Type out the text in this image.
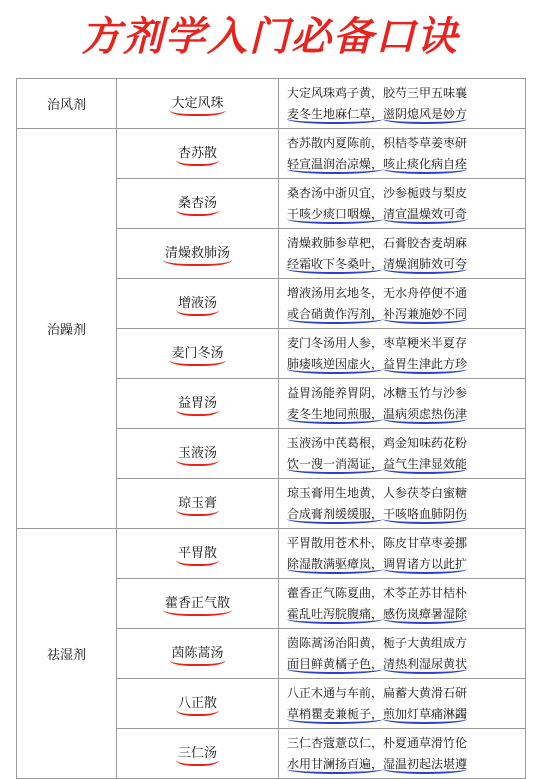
方剂学入门必备口诀
治风剂	大定风珠	大定风珠鸡子黄，胶芍三甲五味襄
麦冬生地麻仁草，滋阴熄风是妙方

治躁剂	杏苏散	杏苏散内夏陈前，枳桔苓草姜枣研
轻宣温润治凉燥，咳止痰化病自痊

	桑杏汤	桑杏汤中浙贝宜，沙参栀豉与梨皮
干咳少痰口咽燥，清宣温燥效可奇

	清燥救肺汤	清燥救肺参草杷，石膏胶杏麦胡麻
经霜收下冬桑叶，清燥润肺效可夸

	增液汤	增液汤用玄地冬，无水舟停便不通
或合硝黄作泻剂，补泻兼施妙不同

	麦门冬汤	麦门冬汤用人参，枣草粳米半夏存
肺痿咳逆因虚火，益胃生津此方珍

	益胃汤	益胃汤能养胃阴，冰糖玉竹与沙参
麦冬生地同煎服，温病须虑热伤津

	玉液汤	玉液汤中芪葛根，鸡金知味药花粉
饮一溲一消渴证，益气生津显效能

	琼玉膏	琼玉膏用生地黄，人参茯苓白蜜糖
合成膏剂缓缓服，干咳咯血肺阴伤

祛湿剂	平胃散	平胃散用苍术朴，陈皮甘草枣姜挪
除湿散满驱瘴岚，调胃诸方以此扩

	藿香正气散	藿香正气陈夏曲，术苓芷苏甘桔朴
霍乱吐泻脘腹痛，感伤岚瘴暑湿除

	茵陈蒿汤	茵陈蒿汤治阳黄，栀子大黄组成方
面目鲜黄橘子色，清热利湿尿黄状

	八正散	八正木通与车前，扁蓄大黄滑石研
草梢瞿麦兼栀子，煎加灯草痛淋蠲

	三仁汤	三仁杏蔻薏苡仁，朴夏通草滑竹伦
水用甘澜扬百遍，湿温初起法堪遵
